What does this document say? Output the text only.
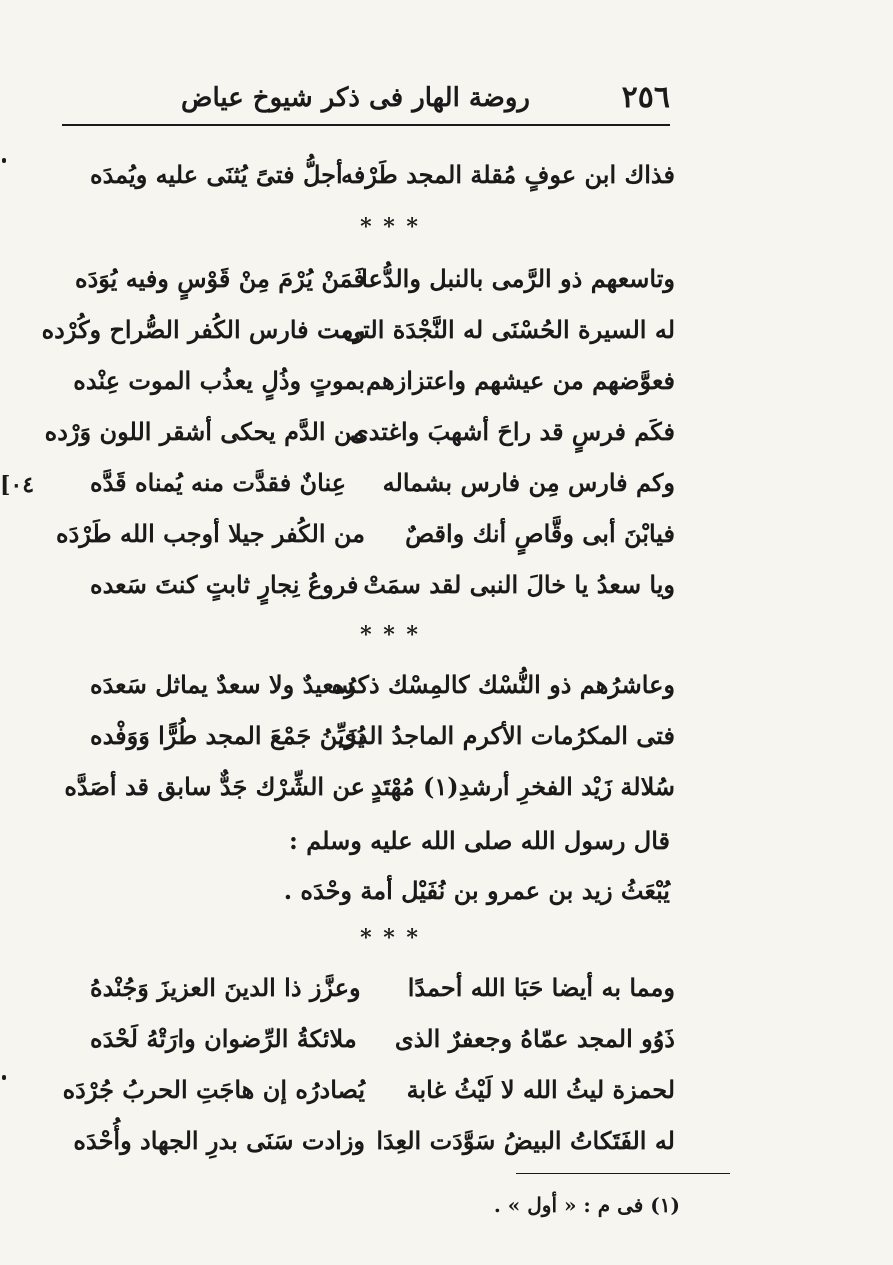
٢٥٦
روضة الهار فى ذكر شيوخ عياض
٠٤]
فذاك ابن عوفٍ مُقلة المجد طَرْفه
أجلُّ فتىً يُثنَى عليه ويُمدَه
* * *
وتاسعهم ذو الرَّمى بالنبل والدُّعا
فَمَنْ يُرْمَ مِنْ قَوْسٍ وفيه يُوَدَه
له السيرة الحُسْنَى له النَّجْدَة التى
رمت فارس الكُفر الصُّراح وكُرْده
فعوَّضهم من عيشهم واعتزازهم
بموتٍ وذُلٍ يعذُب الموت عِنْده
فكَم فرسٍ قد راحَ أشهبَ واغتدى
من الدَّم يحكى أشقر اللون وَرْده
وكم فارس مِن فارس بشماله
عِنانٌ فقدَّت منه يُمناه قَدَّه
فيابْنَ أبى وقَّاصٍ أنك واقصٌ
من الكُفر جيلا أوجب الله طَرْدَه
ويا سعدُ يا خالَ النبى لقد سمَتْ
فروعُ نِجارٍ ثابتٍ كنتَ سَعده
* * *
وعاشرُهم ذو النُّسْك كالمِسْك ذكرُه
سعيدٌ ولا سعدٌ يماثل سَعدَه
فتى المكرُمات الأكرم الماجدُ الذى
يُزَيِّنُ جَمْعَ المجد طُرًّا وَوَفْده
سُلالة زَيْد الفخرِ أرشدِ(١) مُهْتَدٍ
عن الشِّرْك جَدٌّ سابق قد أصَدَّه
قال رسول الله صلى الله عليه وسلم :
يُبْعَثُ زيد بن عمرو بن نُفَيْل أمة وحْدَه .
* * *
ومما به أيضا حَبَا الله أحمدًا
وعزَّز ذا الدينَ العزيزَ وَجُنْدهُ
ذَوُو المجد عمّاهُ وجعفرٌ الذى
ملائكةُ الرِّضوان وارَتْهُ لَحْدَه
لحمزة ليثُ الله لا لَيْثُ غابة
يُصادرُه إن هاجَتِ الحربُ جُرْدَه
له الفَتَكاتُ البيضُ سَوَّدَت العِدَا
وزادت سَنَى بدرِ الجهاد وأُحْدَه
(١) فى م : « أول » .
